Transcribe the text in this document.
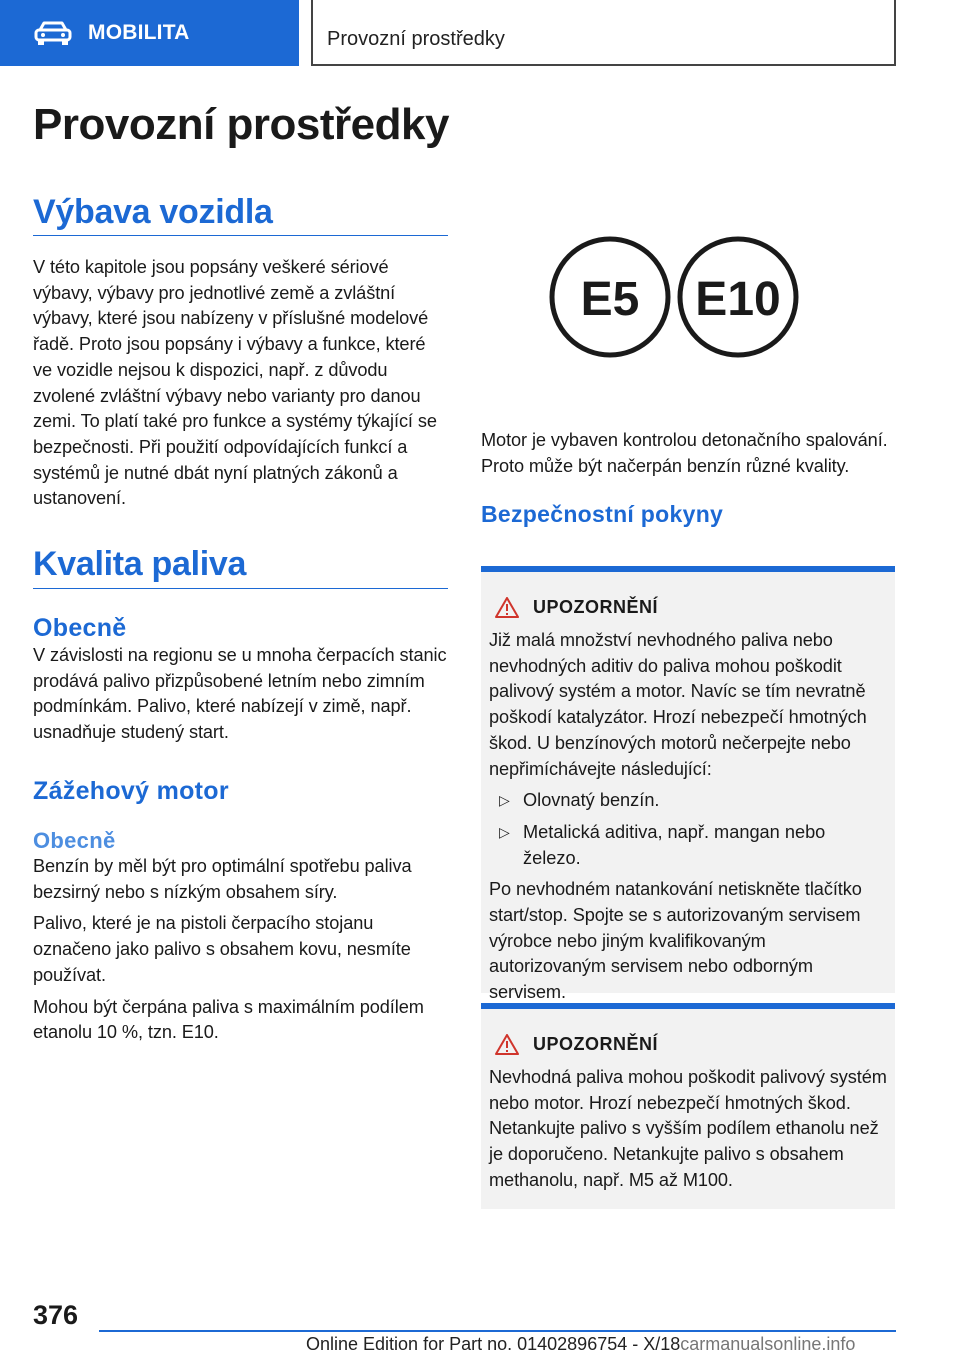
MOBILITA	Provozní prostředky
Provozní prostředky
Výbava vozidla

V této kapitole jsou popsány veškeré sériové výbavy, výbavy pro jednotlivé země a zvláštní výbavy, které jsou nabízeny v příslušné modelové řadě. Proto jsou popsány i výbavy a funkce, které ve vozidle nejsou k dispozici, např. z důvodu zvolené zvláštní výbavy nebo varianty pro danou zemi. To platí také pro funkce a systémy týkající se bezpečnosti. Při použití odpovídajících funkcí a systémů je nutné dbát nyní platných zákonů a ustanovení.

Kvalita paliva
Obecně

V závislosti na regionu se u mnoha čerpacích stanic prodává palivo přizpůsobené letním nebo zimním podmínkám. Palivo, které nabízejí v zimě, např. usnadňuje studený start.

Zážehový motor
Obecně

Benzín by měl být pro optimální spotřebu paliva bezsirný nebo s nízkým obsahem síry.

Palivo, které je na pistoli čerpacího stojanu označeno jako palivo s obsahem kovu, nesmíte používat.

Mohou být čerpána paliva s maximálním podílem etanolu 10 %, tzn. E10.

E5 E10

Motor je vybaven kontrolou detonačního spalování. Proto může být načerpán benzín různé kvality.

Bezpečnostní pokyny
UPOZORNĚNÍ

Již malá množství nevhodného paliva nebo nevhodných aditiv do paliva mohou poškodit palivový systém a motor. Navíc se tím nevratně poškodí katalyzátor. Hrozí nebezpečí hmotných škod. U benzínových motorů nečerpejte nebo nepřimíchávejte následující:

▷ Olovnatý benzín.
▷ Metalická aditiva, např. mangan nebo železo.

Po nevhodném natankování netiskněte tlačítko start/stop. Spojte se s autorizovaným servisem výrobce nebo jiným kvalifikovaným autorizovaným servisem nebo odborným servisem.

UPOZORNĚNÍ

Nevhodná paliva mohou poškodit palivový systém nebo motor. Hrozí nebezpečí hmotných škod. Netankujte palivo s vyšším podílem ethanolu než je doporučeno. Netankujte palivo s obsahem methanolu, např. M5 až M100.

376
Online Edition for Part no. 01402896754 - X/18carmanualsonline.info
